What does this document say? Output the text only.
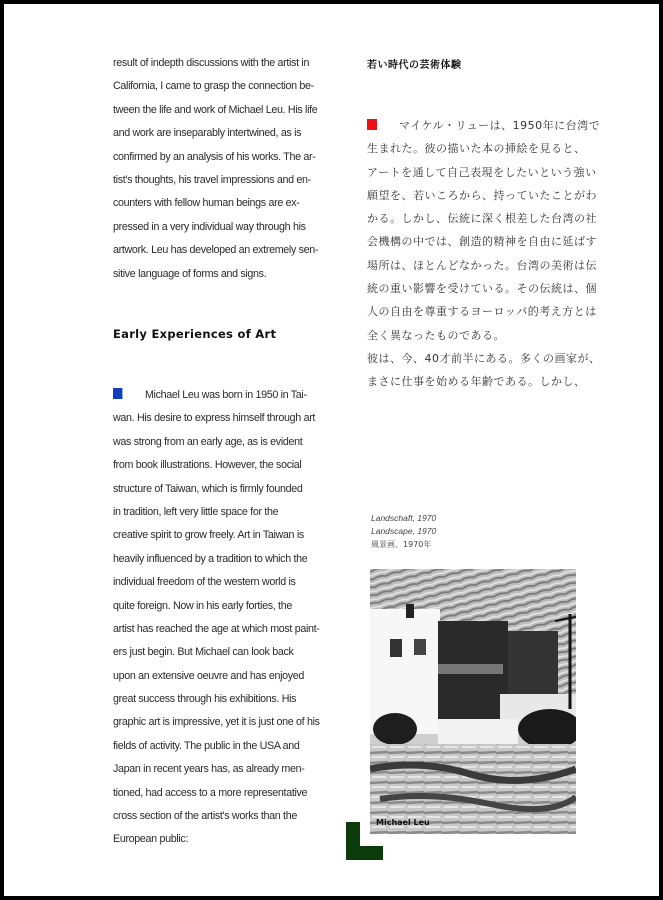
result of indepth discussions with the artist in
California, I came to grasp the connection be-
tween the life and work of Michael Leu. His life
and work are inseparably intertwined, as is
confirmed by an analysis of his works. The ar-
tist's thoughts, his travel impressions and en-
counters with fellow human beings are ex-
pressed in a very individual way through his
artwork. Leu has developed an extremely sen-
sitive language of forms and signs.
Early Experiences of Art
Michael Leu was born in 1950 in Tai-
wan. His desire to express himself through art
was strong from an early age, as is evident
from book illustrations. However, the social
structure of Taiwan, which is firmly founded
in tradition, left very little space for the
creative spirit to grow freely. Art in Taiwan is
heavily influenced by a tradition to which the
individual freedom of the western world is
quite foreign. Now in his early forties, the
artist has reached the age at which most paint-
ers just begin. But Michael can look back
upon an extensive oeuvre and has enjoyed
great success through his exhibitions. His
graphic art is impressive, yet it is just one of his
fields of activity. The public in the USA and
Japan in recent years has, as already men-
tioned, had access to a more representative
cross section of the artist's works than the
European public:
若い時代の芸術体験
マイケル・リューは、1950年に台湾で
生まれた。彼の描いた本の挿絵を見ると、
アートを通して自己表現をしたいという強い
願望を、若いころから、持っていたことがわ
かる。しかし、伝統に深く根差した台湾の社
会機構の中では、創造的精神を自由に延ばす
場所は、ほとんどなかった。台湾の美術は伝
統の重い影響を受けている。その伝統は、個
人の自由を尊重するヨーロッパ的考え方とは
全く異なったものである。
彼は、今、40才前半にある。多くの画家が、
まさに仕事を始める年齢である。しかし、
Landschaft, 1970
Landscape, 1970
風景画、1970年
Michael Leu
